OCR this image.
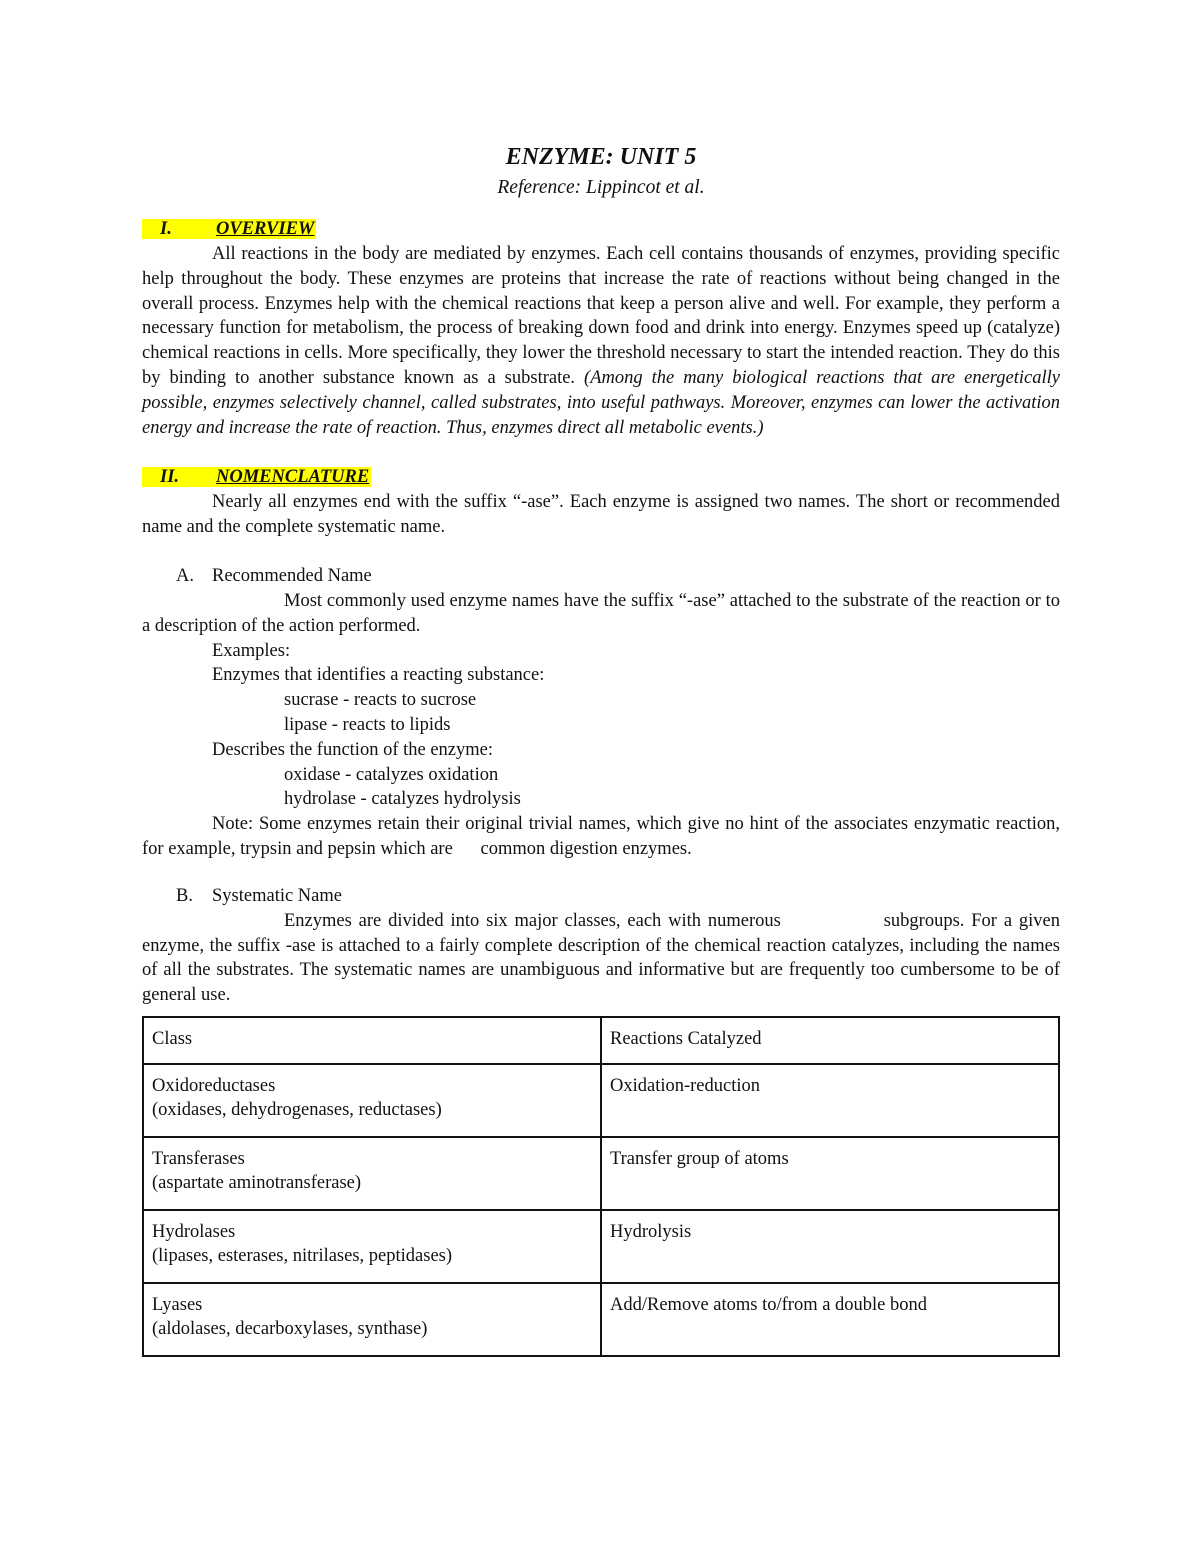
ENZYME: UNIT 5
Reference: Lippincot et al.
I. OVERVIEW

All reactions in the body are mediated by enzymes. Each cell contains thousands of enzymes, providing specific help throughout the body. These enzymes are proteins that increase the rate of reactions without being changed in the overall process. Enzymes help with the chemical reactions that keep a person alive and well. For example, they perform a necessary function for metabolism, the process of breaking down food and drink into energy. Enzymes speed up (catalyze) chemical reactions in cells. More specifically, they lower the threshold necessary to start the intended reaction. They do this by binding to another substance known as a substrate. (Among the many biological reactions that are energetically possible, enzymes selectively channel, called substrates, into useful pathways. Moreover, enzymes can lower the activation energy and increase the rate of reaction. Thus, enzymes direct all metabolic events.)

II. NOMENCLATURE

Nearly all enzymes end with the suffix “-ase”. Each enzyme is assigned two names. The short or recommended name and the complete systematic name.

A. Recommended Name

Most commonly used enzyme names have the suffix “-ase” attached to the substrate of the reaction or to a description of the action performed.

Examples:
Enzymes that identifies a reacting substance:
sucrase - reacts to sucrose
lipase - reacts to lipids
Describes the function of the enzyme:
oxidase - catalyzes oxidation
hydrolase - catalyzes hydrolysis

Note: Some enzymes retain their original trivial names, which give no hint of the associates enzymatic reaction, for example, trypsin and pepsin which are      common digestion enzymes.

B. Systematic Name

Enzymes are divided into six major classes, each with numerous               subgroups. For a given enzyme, the suffix -ase is attached to a fairly complete description of the chemical reaction catalyzes, including the names of all the substrates. The systematic names are unambiguous and informative but are frequently too cumbersome to be of general use.

Class	Reactions Catalyzed

Oxidoreductases
(oxidases, dehydrogenases, reductases)	Oxidation-reduction

Transferases
(aspartate aminotransferase)	Transfer group of atoms

Hydrolases
(lipases, esterases, nitrilases, peptidases)	Hydrolysis

Lyases
(aldolases, decarboxylases, synthase)	Add/Remove atoms to/from a double bond
